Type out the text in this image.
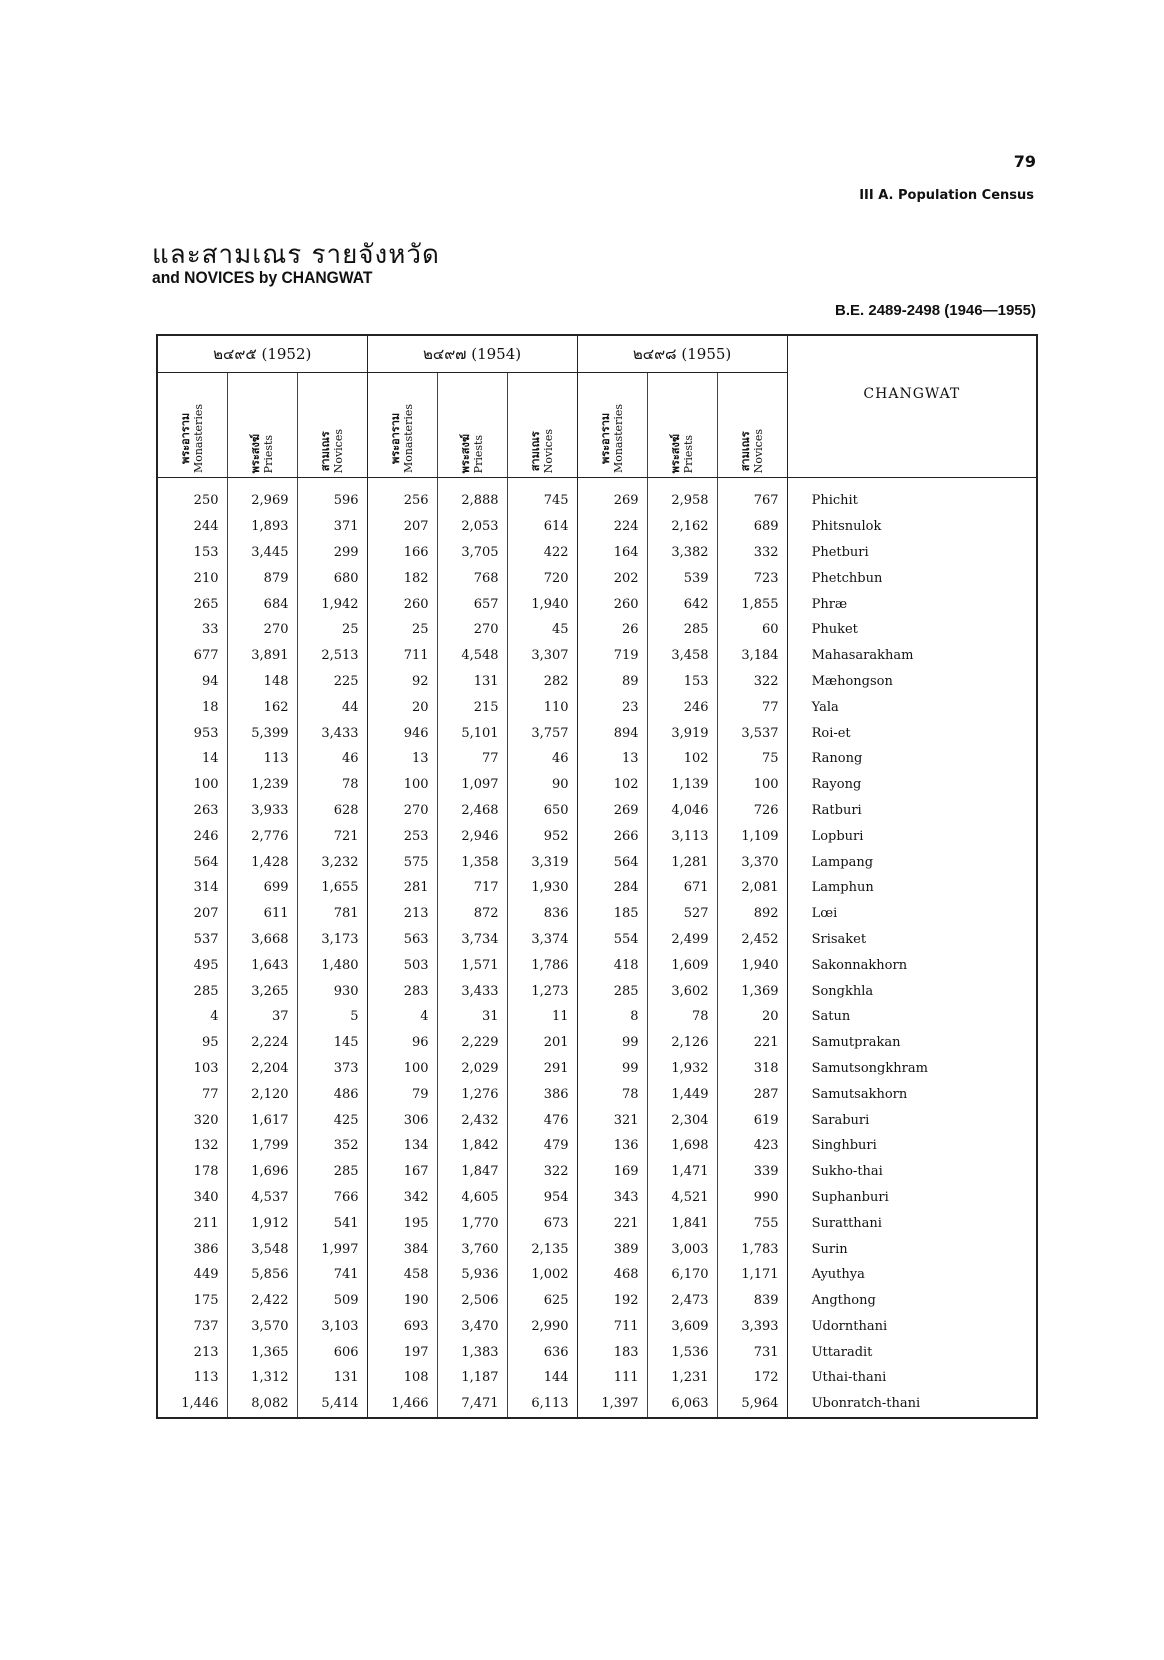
79
III A. Population Census
และสามเณร รายจังหวัด
and NOVICES by CHANGWAT
B.E. 2489-2498 (1946—1955)
๒๔๙๕ (1952)			๒๔๙๗ (1954)			๒๔๙๘ (1955)			CHANGWAT

พระอาราม Monasteries	พระสงฆ์ Priests	สามเณร Novices	พระอาราม Monasteries	พระสงฆ์ Priests	สามเณร Novices	พระอาราม Monasteries	พระสงฆ์ Priests	สามเณร Novices	
250	2,969	596	256	2,888	745	269	2,958	767	Phichit
244	1,893	371	207	2,053	614	224	2,162	689	Phitsnulok
153	3,445	299	166	3,705	422	164	3,382	332	Phetburi
210	879	680	182	768	720	202	539	723	Phetchbun
265	684	1,942	260	657	1,940	260	642	1,855	Phræ
33	270	25	25	270	45	26	285	60	Phuket
677	3,891	2,513	711	4,548	3,307	719	3,458	3,184	Mahasarakham
94	148	225	92	131	282	89	153	322	Mæhongson
18	162	44	20	215	110	23	246	77	Yala
953	5,399	3,433	946	5,101	3,757	894	3,919	3,537	Roi-et
14	113	46	13	77	46	13	102	75	Ranong
100	1,239	78	100	1,097	90	102	1,139	100	Rayong
263	3,933	628	270	2,468	650	269	4,046	726	Ratburi
246	2,776	721	253	2,946	952	266	3,113	1,109	Lopburi
564	1,428	3,232	575	1,358	3,319	564	1,281	3,370	Lampang
314	699	1,655	281	717	1,930	284	671	2,081	Lamphun
207	611	781	213	872	836	185	527	892	Lœi
537	3,668	3,173	563	3,734	3,374	554	2,499	2,452	Srisaket
495	1,643	1,480	503	1,571	1,786	418	1,609	1,940	Sakonnakhorn
285	3,265	930	283	3,433	1,273	285	3,602	1,369	Songkhla
4	37	5	4	31	11	8	78	20	Satun
95	2,224	145	96	2,229	201	99	2,126	221	Samutprakan
103	2,204	373	100	2,029	291	99	1,932	318	Samutsongkhram
77	2,120	486	79	1,276	386	78	1,449	287	Samutsakhorn
320	1,617	425	306	2,432	476	321	2,304	619	Saraburi
132	1,799	352	134	1,842	479	136	1,698	423	Singhburi
178	1,696	285	167	1,847	322	169	1,471	339	Sukho-thai
340	4,537	766	342	4,605	954	343	4,521	990	Suphanburi
211	1,912	541	195	1,770	673	221	1,841	755	Suratthani
386	3,548	1,997	384	3,760	2,135	389	3,003	1,783	Surin
449	5,856	741	458	5,936	1,002	468	6,170	1,171	Ayuthya
175	2,422	509	190	2,506	625	192	2,473	839	Angthong
737	3,570	3,103	693	3,470	2,990	711	3,609	3,393	Udornthani
213	1,365	606	197	1,383	636	183	1,536	731	Uttaradit
113	1,312	131	108	1,187	144	111	1,231	172	Uthai-thani
1,446	8,082	5,414	1,466	7,471	6,113	1,397	6,063	5,964	Ubonratch-thani
